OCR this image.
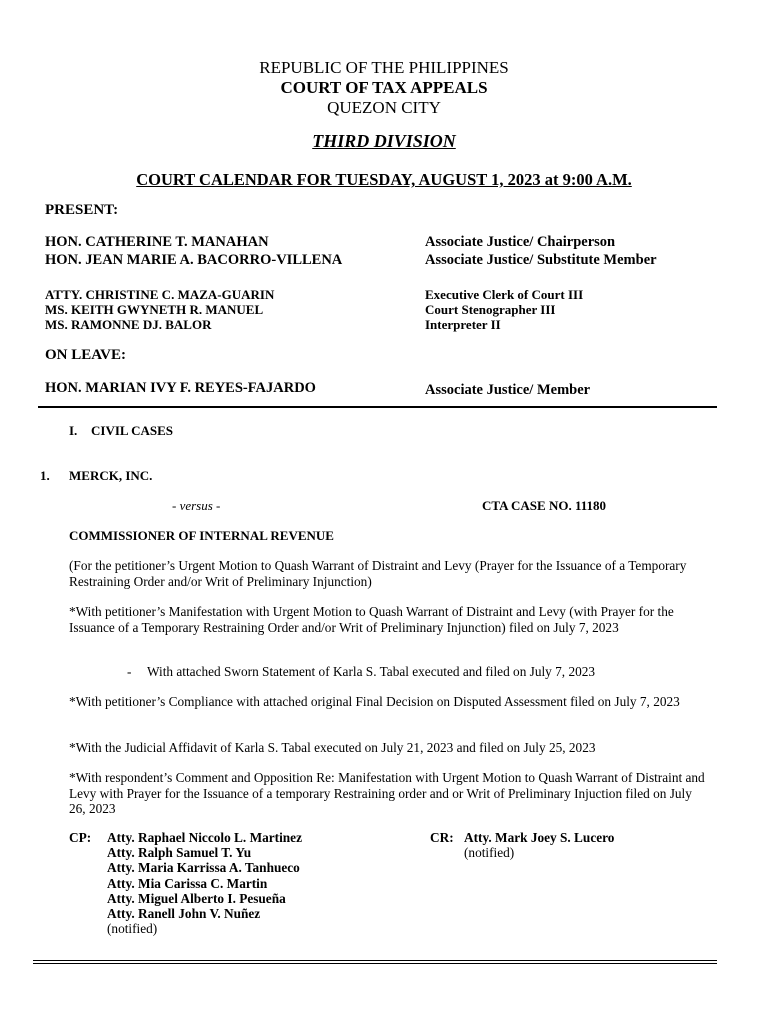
REPUBLIC OF THE PHILIPPINES
COURT OF TAX APPEALS
QUEZON CITY
THIRD DIVISION
COURT CALENDAR FOR TUESDAY, AUGUST 1, 2023 at 9:00 A.M.
PRESENT:
HON. CATHERINE T. MANAHAN	Associate Justice/ Chairperson
HON. JEAN MARIE A. BACORRO-VILLENA	Associate Justice/ Substitute Member
ATTY. CHRISTINE C. MAZA-GUARIN	Executive Clerk of Court III
MS. KEITH GWYNETH R. MANUEL	Court Stenographer III
MS. RAMONNE DJ. BALOR	Interpreter II
ON LEAVE:
HON. MARIAN IVY F. REYES-FAJARDO	Associate Justice/ Member
I. CIVIL CASES
1. MERCK, INC.
- versus -	CTA CASE NO. 11180
COMMISSIONER OF INTERNAL REVENUE
(For the petitioner’s Urgent Motion to Quash Warrant of Distraint and Levy (Prayer for the Issuance of a Temporary Restraining Order and/or Writ of Preliminary Injunction)
*With petitioner’s Manifestation with Urgent Motion to Quash Warrant of Distraint and Levy (with Prayer for the Issuance of a Temporary Restraining Order and/or Writ of Preliminary Injunction) filed on July 7, 2023
- With attached Sworn Statement of Karla S. Tabal executed and filed on July 7, 2023
*With petitioner’s Compliance with attached original Final Decision on Disputed Assessment filed on July 7, 2023
*With the Judicial Affidavit of Karla S. Tabal executed on July 21, 2023 and filed on July 25, 2023
*With respondent’s Comment and Opposition Re: Manifestation with Urgent Motion to Quash Warrant of Distraint and Levy with Prayer for the Issuance of a temporary Restraining order and or Writ of Preliminary Injuction filed on July 26, 2023
CP: Atty. Raphael Niccolo L. Martinez
Atty. Ralph Samuel T. Yu
Atty. Maria Karrissa A. Tanhueco
Atty. Mia Carissa C. Martin
Atty. Miguel Alberto I. Pesueña
Atty. Ranell John V. Nuñez
(notified)
CR: Atty. Mark Joey S. Lucero
(notified)
